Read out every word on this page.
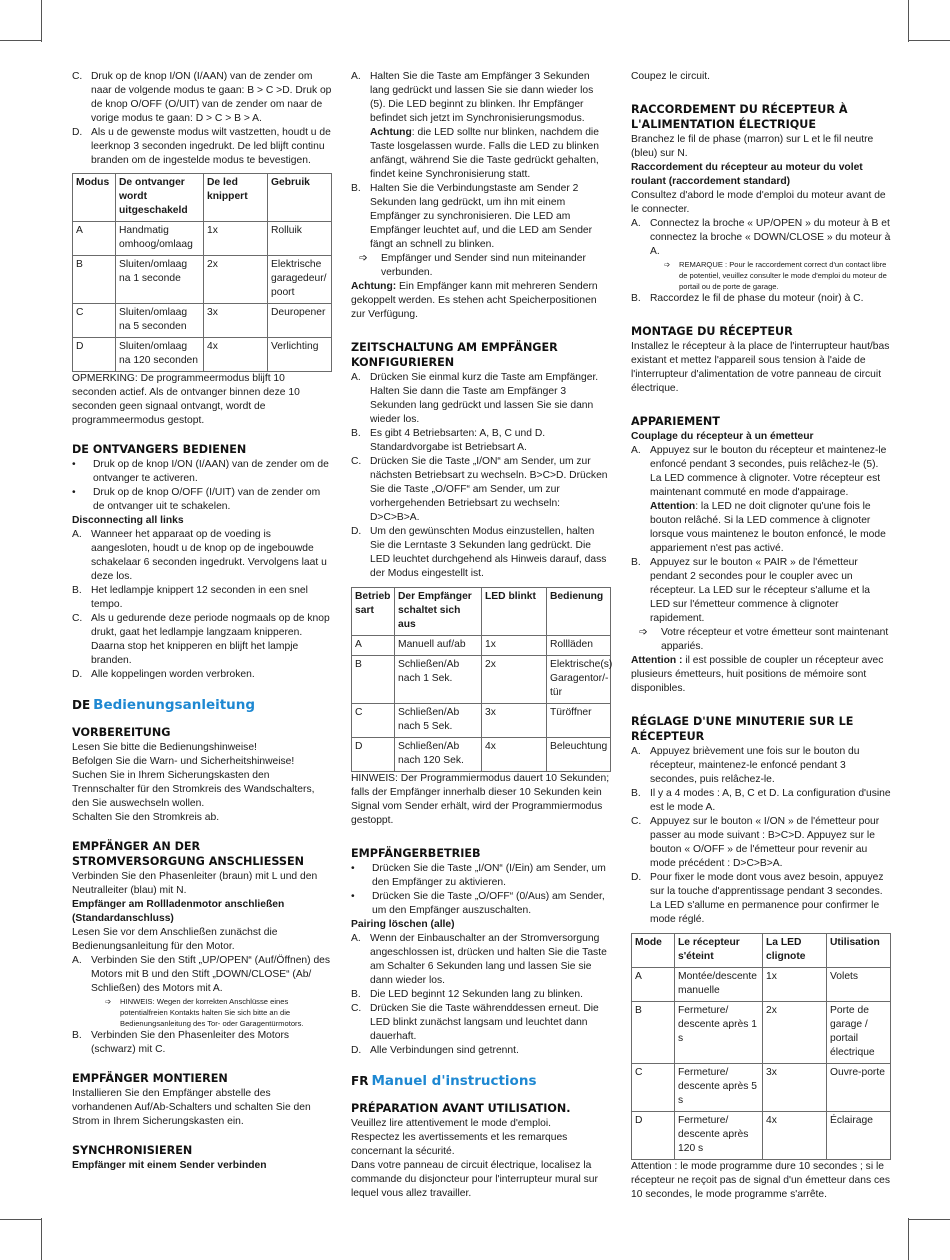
C. Druk op de knop I/ON (I/AAN) van de zender om naar de volgende modus te gaan: B > C >D. Druk op de knop O/OFF (O/UIT) van de zender om naar de vorige modus te gaan: D > C > B > A.
D. Als u de gewenste modus wilt vastzetten, houdt u de leerknop 3 seconden ingedrukt. De led blijft continu branden om de ingestelde modus te bevestigen.
Modus	De ontvanger wordt uitgeschakeld	De led knippert	Gebruik
A	Handmatig omhoog/omlaag	1x	Rolluik
B	Sluiten/omlaag na 1 seconde	2x	Elektrische garagedeur/ poort
C	Sluiten/omlaag na 5 seconden	3x	Deuropener
D	Sluiten/omlaag na 120 seconden	4x	Verlichting

OPMERKING: De programmeermodus blijft 10 seconden actief. Als de ontvanger binnen deze 10 seconden geen signaal ontvangt, wordt de programmeermodus gestopt.

DE ONTVANGERS BEDIENEN
• Druk op de knop I/ON (I/AAN) van de zender om de ontvanger te activeren.
• Druk op de knop O/OFF (I/UIT) van de zender om de ontvanger uit te schakelen.
Disconnecting all links
A. Wanneer het apparaat op de voeding is aangesloten, houdt u de knop op de ingebouwde schakelaar 6 seconden ingedrukt. Vervolgens laat u deze los.
B. Het ledlampje knippert 12 seconden in een snel tempo.
C. Als u gedurende deze periode nogmaals op de knop drukt, gaat het ledlampje langzaam knipperen. Daarna stop het knipperen en blijft het lampje branden.
D. Alle koppelingen worden verbroken.
DE Bedienungsanleitung
VORBEREITUNG

Lesen Sie bitte die Bedienungshinweise!

Befolgen Sie die Warn- und Sicherheitshinweise!

Suchen Sie in Ihrem Sicherungskasten den Trennschalter für den Stromkreis des Wandschalters, den Sie auswechseln wollen.

Schalten Sie den Stromkreis ab.

EMPFÄNGER AN DER STROMVERSORGUNG ANSCHLIESSEN

Verbinden Sie den Phasenleiter (braun) mit L und den Neutralleiter (blau) mit N.

Empfänger am Rollladenmotor anschließen (Standardanschluss)

Lesen Sie vor dem Anschließen zunächst die Bedienungsanleitung für den Motor.

A. Verbinden Sie den Stift „UP/OPEN“ (Auf/Öffnen) des Motors mit B und den Stift „DOWN/CLOSE“ (Ab/ Schließen) des Motors mit A.
➩ HINWEIS: Wegen der korrekten Anschlüsse eines potentialfreien Kontakts halten Sie sich bitte an die Bedienungsanleitung des Tor- oder Garagentürmotors.
B. Verbinden Sie den Phasenleiter des Motors (schwarz) mit C.
EMPFÄNGER MONTIEREN

Installieren Sie den Empfänger abstelle des vorhandenen Auf/Ab-Schalters und schalten Sie den Strom in Ihrem Sicherungskasten ein.

SYNCHRONISIEREN
Empfänger mit einem Sender verbinden
A. Halten Sie die Taste am Empfänger 3 Sekunden lang gedrückt und lassen Sie sie dann wieder los (5). Die LED beginnt zu blinken. Ihr Empfänger befindet sich jetzt im Synchronisierungsmodus.
Achtung: die LED sollte nur blinken, nachdem die Taste losgelassen wurde. Falls die LED zu blinken anfängt, während Sie die Taste gedrückt gehalten, findet keine Synchronisierung statt.
B. Halten Sie die Verbindungstaste am Sender 2 Sekunden lang gedrückt, um ihn mit einem Empfänger zu synchronisieren. Die LED am Empfänger leuchtet auf, und die LED am Sender fängt an schnell zu blinken.
➩ Empfänger und Sender sind nun miteinander verbunden.

Achtung: Ein Empfänger kann mit mehreren Sendern gekoppelt werden. Es stehen acht Speicherpositionen zur Verfügung.

ZEITSCHALTUNG AM EMPFÄNGER KONFIGURIEREN
A. Drücken Sie einmal kurz die Taste am Empfänger. Halten Sie dann die Taste am Empfänger 3 Sekunden lang gedrückt und lassen Sie sie dann wieder los.
B. Es gibt 4 Betriebsarten: A, B, C und D. Standardvorgabe ist Betriebsart A.
C. Drücken Sie die Taste „I/ON“ am Sender, um zur nächsten Betriebsart zu wechseln. B>C>D. Drücken Sie die Taste „O/OFF“ am Sender, um zur vorhergehenden Betriebsart zu wechseln: D>C>B>A.
D. Um den gewünschten Modus einzustellen, halten Sie die Lerntaste 3 Sekunden lang gedrückt. Die LED leuchtet durchgehend als Hinweis darauf, dass der Modus eingestellt ist.
Betrieb sart	Der Empfänger schaltet sich aus	LED blinkt	Bedienung
A	Manuell auf/ab	1x	Rollläden
B	Schließen/Ab nach 1 Sek.	2x	Elektrische(s) Garagentor/-tür
C	Schließen/Ab nach 5 Sek.	3x	Türöffner
D	Schließen/Ab nach 120 Sek.	4x	Beleuchtung

HINWEIS: Der Programmiermodus dauert 10 Sekunden; falls der Empfänger innerhalb dieser 10 Sekunden kein Signal vom Sender erhält, wird der Programmiermodus gestoppt.

EMPFÄNGERBETRIEB
• Drücken Sie die Taste „I/ON“ (I/Ein) am Sender, um den Empfänger zu aktivieren.
• Drücken Sie die Taste „O/OFF“ (0/Aus) am Sender, um den Empfänger auszuschalten.
Pairing löschen (alle)
A. Wenn der Einbauschalter an der Stromversorgung angeschlossen ist, drücken und halten Sie die Taste am Schalter 6 Sekunden lang und lassen Sie sie dann wieder los.
B. Die LED beginnt 12 Sekunden lang zu blinken.
C. Drücken Sie die Taste währenddessen erneut. Die LED blinkt zunächst langsam und leuchtet dann dauerhaft.
D. Alle Verbindungen sind getrennt.
FR Manuel d'instructions
PRÉPARATION AVANT UTILISATION.

Veuillez lire attentivement le mode d'emploi.

Respectez les avertissements et les remarques concernant la sécurité.

Dans votre panneau de circuit électrique, localisez la commande du disjoncteur pour l'interrupteur mural sur lequel vous allez travailler.

Coupez le circuit.

RACCORDEMENT DU RÉCEPTEUR À L'ALIMENTATION ÉLECTRIQUE

Branchez le fil de phase (marron) sur L et le fil neutre (bleu) sur N.

Raccordement du récepteur au moteur du volet roulant (raccordement standard)

Consultez d'abord le mode d'emploi du moteur avant de le connecter.

A. Connectez la broche « UP/OPEN » du moteur à B et connectez la broche « DOWN/CLOSE » du moteur à A.
➩ REMARQUE : Pour le raccordement correct d'un contact libre de potentiel, veuillez consulter le mode d'emploi du moteur de portail ou de porte de garage.
B. Raccordez le fil de phase du moteur (noir) à C.
MONTAGE DU RÉCEPTEUR

Installez le récepteur à la place de l'interrupteur haut/bas existant et mettez l'appareil sous tension à l'aide de l'interrupteur d'alimentation de votre panneau de circuit électrique.

APPARIEMENT
Couplage du récepteur à un émetteur
A. Appuyez sur le bouton du récepteur et maintenez-le enfoncé pendant 3 secondes, puis relâchez-le (5). La LED commence à clignoter. Votre récepteur est maintenant commuté en mode d'appairage.
Attention: la LED ne doit clignoter qu'une fois le bouton relâché. Si la LED commence à clignoter lorsque vous maintenez le bouton enfoncé, le mode appariement n'est pas activé.
B. Appuyez sur le bouton « PAIR » de l'émetteur pendant 2 secondes pour le coupler avec un récepteur. La LED sur le récepteur s'allume et la LED sur l'émetteur commence à clignoter rapidement.
➩ Votre récepteur et votre émetteur sont maintenant appariés.

Attention : il est possible de coupler un récepteur avec plusieurs émetteurs, huit positions de mémoire sont disponibles.

RÉGLAGE D'UNE MINUTERIE SUR LE RÉCEPTEUR
A. Appuyez brièvement une fois sur le bouton du récepteur, maintenez-le enfoncé pendant 3 secondes, puis relâchez-le.
B. Il y a 4 modes : A, B, C et D. La configuration d'usine est le mode A.
C. Appuyez sur le bouton « I/ON » de l'émetteur pour passer au mode suivant : B>C>D. Appuyez sur le bouton « O/OFF » de l'émetteur pour revenir au mode précédent : D>C>B>A.
D. Pour fixer le mode dont vous avez besoin, appuyez sur la touche d'apprentissage pendant 3 secondes. La LED s'allume en permanence pour confirmer le mode réglé.
Mode	Le récepteur s'éteint	La LED clignote	Utilisation
A	Montée/descente manuelle	1x	Volets
B	Fermeture/ descente après 1 s	2x	Porte de garage / portail électrique
C	Fermeture/ descente après 5 s	3x	Ouvre-porte
D	Fermeture/ descente après 120 s	4x	Éclairage

Attention : le mode programme dure 10 secondes ; si le récepteur ne reçoit pas de signal d'un émetteur dans ces 10 secondes, le mode programme s'arrête.
